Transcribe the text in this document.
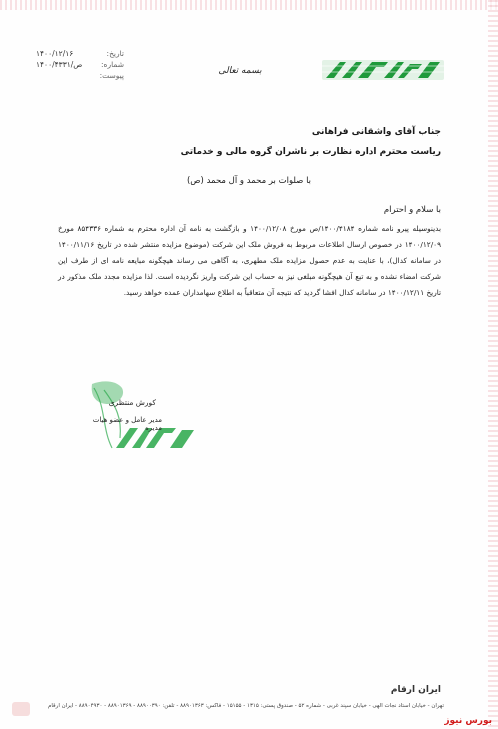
تاریخ:
۱۴۰۰/۱۲/۱۶
شماره:
۱۴۰۰/۴۳۳۱/ص
پیوست:	بسمه تعالی
جناب آقای واشقانی فراهانی
ریاست محترم اداره نظارت بر ناشران گروه مالی و خدماتی
با صلوات بر محمد و آل محمد (ص)
با سلام و احترام
بدینوسیله پیرو نامه شماره ۱۴۰۰/۴۱۸۴/ص مورخ ۱۴۰۰/۱۲/۰۸ و بازگشت به نامه آن اداره محترم به شماره ۸۵۴۳۳۶ مورخ ۱۴۰۰/۱۲/۰۹ در خصوص ارسال اطلاعات مربوط به فروش ملک این شرکت (موضوع مزایده منتشر شده در تاریخ ۱۴۰۰/۱۱/۱۶ در سامانه کدال)، با عنایت به عدم حصول مزایده ملک مطهری، به آگاهی می رساند هیچگونه مبایعه نامه ای از طرف این شرکت امضاء نشده و به تبع آن هیچگونه مبلغی نیز به حساب این شرکت واریز نگردیده است. لذا مزایده مجدد ملک مذکور در تاریخ ۱۴۰۰/۱۲/۱۱ در سامانه کدال افشا گردید که نتیجه آن متعاقباً به اطلاع سهامداران عمده خواهد رسید.
کورش منتظری
مدیر عامل و عضو هیات مدیره
ایران ارقام
تهران - خیابان استاد نجات الهی - خیابان سپند غربی - شماره ۵۲ - صندوق پستی: ۱۳۱۵ - ۱۵۱۵۵ - فاکس: ۸۸۹۰۱۳۶۳ - تلفن: ۸۸۹۰۰۳۹۰ - ۸۸۹۰۱۳۶۹ - ۸۸۹۰۴۹۳۰ - ایران ارقام
بورس نیوز
